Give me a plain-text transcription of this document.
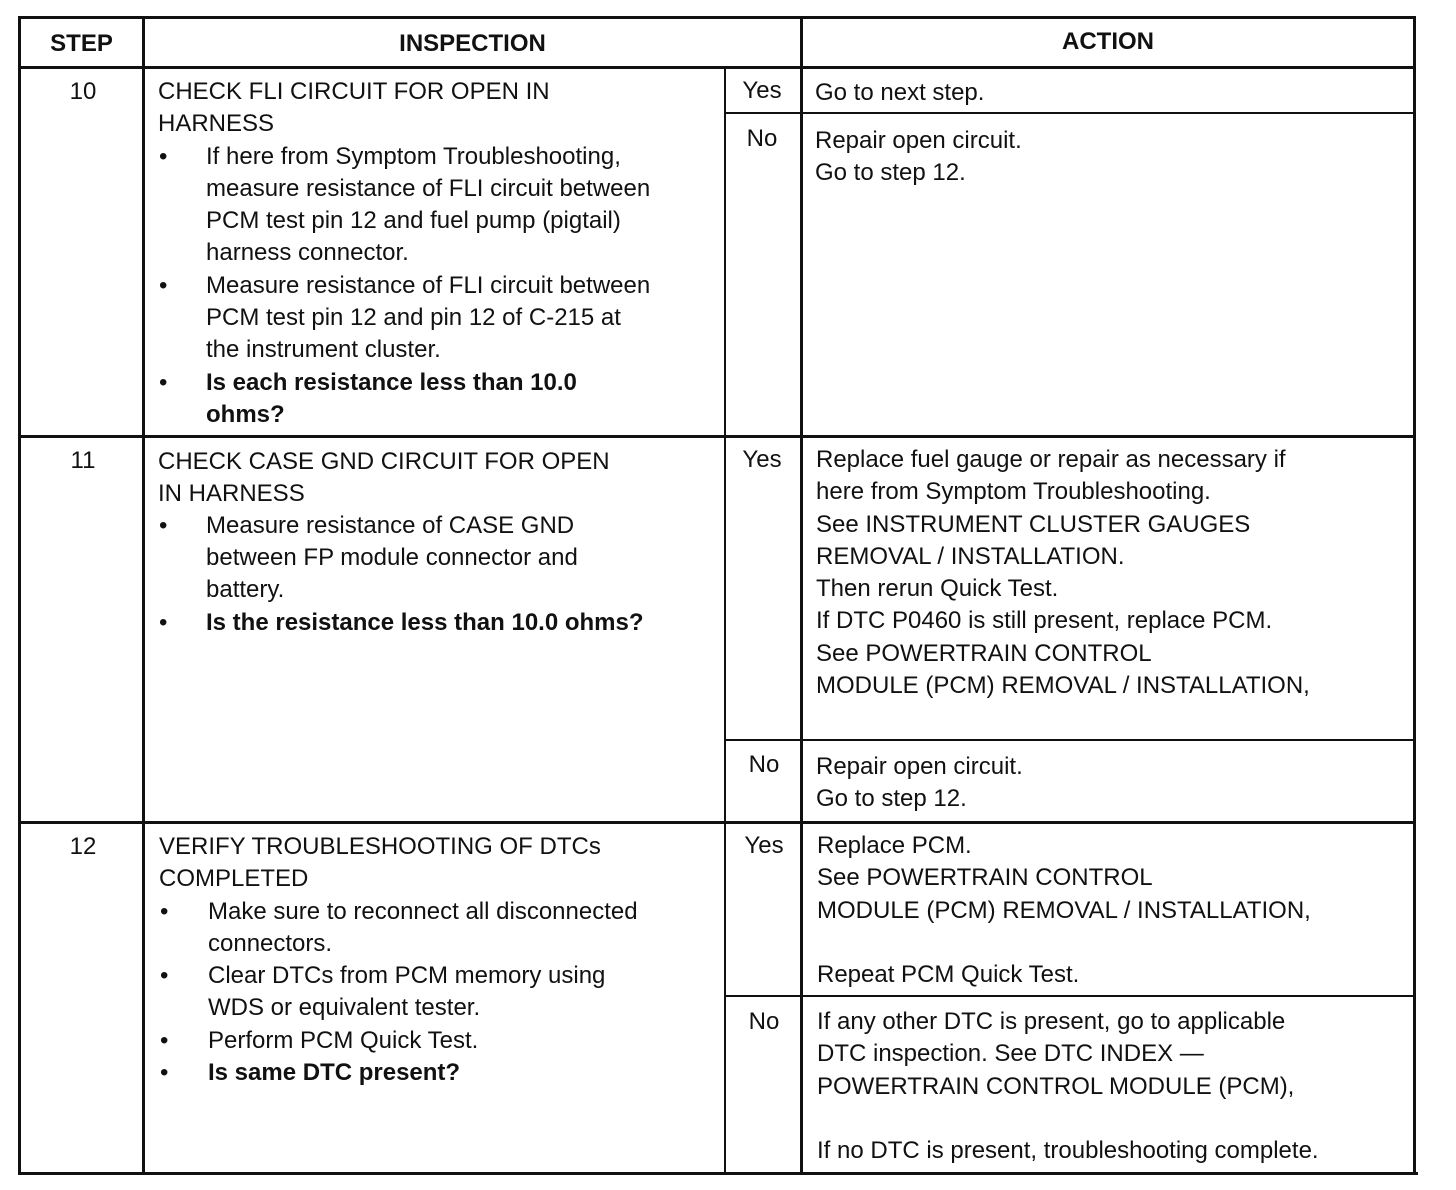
STEP	INSPECTION	ACTION
10	CHECK FLI CIRCUIT FOR OPEN IN
HARNESS
• If here from Symptom Troubleshooting,
measure resistance of FLI circuit between
PCM test pin 12 and fuel pump (pigtail)
harness connector.
• Measure resistance of FLI circuit between
PCM test pin 12 and pin 12 of C-215 at
the instrument cluster.
• Is each resistance less than 10.0
ohms?
Yes	Go to next step.
No	Repair open circuit.
Go to step 12.
11	CHECK CASE GND CIRCUIT FOR OPEN
IN HARNESS
• Measure resistance of CASE GND
between FP module connector and
battery.
• Is the resistance less than 10.0 ohms?
Yes	Replace fuel gauge or repair as necessary if
here from Symptom Troubleshooting.
See INSTRUMENT CLUSTER GAUGES
REMOVAL / INSTALLATION.
Then rerun Quick Test.
If DTC P0460 is still present, replace PCM.
See POWERTRAIN CONTROL
MODULE (PCM) REMOVAL / INSTALLATION,
No	Repair open circuit.
Go to step 12.
12	VERIFY TROUBLESHOOTING OF DTCs
COMPLETED
• Make sure to reconnect all disconnected
connectors.
• Clear DTCs from PCM memory using
WDS or equivalent tester.
• Perform PCM Quick Test.
• Is same DTC present?
Yes	Replace PCM.
See POWERTRAIN CONTROL
MODULE (PCM) REMOVAL / INSTALLATION,
Repeat PCM Quick Test.
No	If any other DTC is present, go to applicable
DTC inspection. See DTC INDEX —
POWERTRAIN CONTROL MODULE (PCM),
If no DTC is present, troubleshooting complete.
